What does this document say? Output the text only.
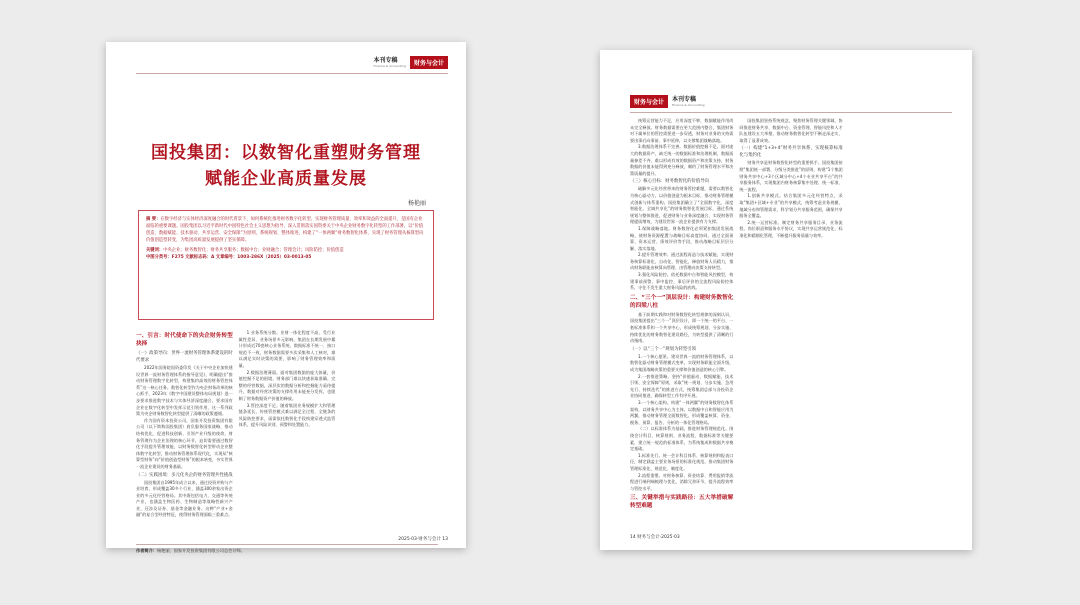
本刊专稿
Finance & Accounting	财务与会计
国投集团：以数智化重塑财务管理
赋能企业高质量发展
杨艳丽
摘 要：在数字经济与实体经济深度融合的时代背景下，如何系统化推进财务数字化转型，实现财务管理质量、效率和效益的全面提升，是国有企业面临的重要课题。国投集团以习近平新时代中国特色社会主义思想为指导，深入贯彻落实国资委关于中央企业财务数字化转型的工作部署，以“价值创造、数据赋能、技术驱动、共享运营、安全保障”为原则，系统规划、整体推进，构建了“一体两翼”财务数智化体系，实现了财务管理从核算型向价值创造型转变，为集团高质量发展提供了坚实保障。
关键词：中央企业；财务数智化；财务共享服务；数据中台；业财融合；管理会计；风险防控；价值创造
中图分类号：F275 文献标志码：A 文章编号：1003-286X（2025）03-0013-05
一、引言：时代使命下的央企财务转型抉择
（一）政策导向：世界一流财务管理体系建设的时代要求
2022年国务院国资委印发《关于中央企业加快建设世界一流财务管理体系的指导意见》，明确提出“推动财务管理数字化转型，构建集约高效的财务管控体系”这一核心任务。数智化转型作为央企财务改革的核心抓手，2023年《数字中国建设整体布局规划》进一步要求推进数字技术与实体经济深度融合，要求国有企业在数字化转型中发挥示范引领作用，这一系列政策为央企财务数智化转型提供了清晰的政策遵循。
作为国有资本投资公司，国家开发投资集团有限公司（以下简称国投集团）肩负服务国家战略、推动结构优化、促进科技创新、引领产业升级的使命，财务管理作为企业治理的核心环节，迫切需要通过数智化手段提升管理效能，以财务数智化转型带动企业整体数字化转型，推动财务管理体系现代化，实现从“核算型财务”向“价值创造型财务”的根本转变，夯实世界一流企业建设的财务基础。
（二）实践困境：多元化央企的财务管理共性挑战
国投集团自1995年成立以来，通过投资并购与产业培育，形成覆盖30多个行业、涵盖300余家出资企业的多元化经营格局。其中既包括电力、交通等传统产业，也涵盖生物医药、生物制造等战略性新兴产业，还涉及证券、基金等金融业务。这种“产业+金融”的复合型经营特征，使得财务管理面临三重难点。
1.业务系统分散。业财一体化程度不高，受行业属性差异、业务场景多元影响，集团在长期发展中累计形成近70套核心业务系统，数据标准不统一、接口规范不一致，财务数据需要多次采集和人工核对，难以满足实时决策的需要，影响了财务管理效率和质量。
2.数据治理薄弱。面对集团数据的庞大体量，价值挖掘不足的困境，财务部门难以快速获取准确、完整的经营数据，深层次的数据分析和挖掘能力亟待提升，数据对经营决策的支撑作用未能充分发挥，也限制了财务数据资产价值的释放。
3.管控深度不足。随着集团业务规模扩大和管理链条延长，传统管控模式难以满足全过程、全链条的风险防控要求，亟需依托数智化手段构建穿透式监管体系，提升风险识别、预警和处置能力。
作者简介：杨艳丽，国家开发投资集团有限公司总会计师。
2025·03·财务与会计 13
财务与会计	本刊专稿
Finance & Accounting
统筹运营能力不足，应用深度不够，数据赋能作用尚未完全释放。财务数据需要在更大范围内整合，集团财务对下属单位的管控需要进一步穿透，财务对业务的支持需要由事后向事前、事中延伸，以支撑集团战略落地。
3.数据治理体系不完善。数据价值挖掘不足。面对庞大的数据资产，缺乏统一的数据标准和治理机制，数据质量参差不齐，难以形成有效的数据资产和决策支持，财务数据的价值未能得到充分释放，制约了财务管理水平和决策质量的提升。
（三）核心目标：财务数智化的价值导向
破解多元化经营带来的财务管控难题，需要以数智化为核心驱动力，以价值创造为根本目标，推动财务管理模式创新与体系重构。国投集团确立了“全面数字化、深度智能化、全域共享化”的财务数智化发展目标，通过系统规划与整体推进，促进财务与业务深度融合，实现财务管理提质增效，为建设世界一流企业提供有力支撑。
1.保障战略落地。财务数智化必须紧扣集团发展战略，使财务资源配置与战略目标高度协同，通过全面预算、资本运营、绩效评价等手段，推动战略目标层层分解、落实落地。
2.提升管理效率。通过流程再造与技术赋能，实现财务核算标准化、自动化、智能化，释放财务人员精力，推动财务职能由核算向管理、由管理向决策支持转型。
3.强化风险防控。依托数据中台和智能风控模型，构建事前预警、事中监控、事后评价的全流程风险防控体系，守住不发生重大财务风险的底线。
二、“三个一”顶层设计：构建财务数智化的四梁八柱
基于前期实践和对财务数智化转型规律的深刻认识，国投集团提出“三个一”顶层设计，即一个统一的平台、一套标准体系和一个共享中心，形成统筹规划、分步实施、持续优化的财务数智化建设路径，为转型提供了清晰的行动指南。
（一）以“三个一”规划为转型引领
1.一个核心愿景。建设世界一流的财务管理体系，以数智化驱动财务管理模式变革，实现财务职能全面升级，成为集团战略决策的重要支撑和价值创造的核心引擎。
2.一套推进策略。坚持“价值驱动、数据赋能、技术引领、安全保障”原则，采取“统一规划、分步实施、急用先行、持续迭代”的推进方式，统筹集团总部与各投资企业协同推进，确保转型工作有序开展。
3.一个核心架构。构建“一体两翼”的财务数智化体系架构，以财务共享中心为主体，以数据中台和智能应用为两翼，推动财务管理全面数智化，形成覆盖核算、资金、税务、预算、报告、分析的一体化管理格局。
（二）以标准体系为基础，推进财务管理规范化。围绕会计科目、核算规则、业务流程、数据标准等关键要素，建立统一规范的标准体系，为系统集成和数据共享奠定基础。
1.标准先行。统一会计科目体系、核算规则和报表口径，制定涵盖主要业务场景的标准化规范，推动集团财务管理标准化、规范化、制度化。
2.流程重塑。对财务核算、资金结算、费用报销等流程进行端到端梳理与优化，消除冗余环节，提升流程效率与管控水平。
三、关键举措与实践路径：五大举措破解转型难题
国投集团坚持系统观念，聚焦财务管理关键领域，协同推进财务共享、数据中台、资金管理、智能风控和人才队伍建设五大举措，推动财务数智化转型不断走深走实，取得了显著成效。
（一）构建“1+3+4”财务共享体系，实现核算标准化与集约化
财务共享是财务数智化转型的重要抓手。国投集团按照“集团统一部署、分级分类推进”的原则，构建“1个集团财务共享中心+3个区域分中心+4个专业共享平台”的共享服务体系，实现集团内财务核算集中处理、统一标准、统一流程。
1.创新共享模式。结合集团多元化经营特点，采取“集团+区域+专业”的共享模式，统筹考虑业务规模、地域分布和管理需求，科学划分共享服务范围，确保共享服务全覆盖。
2.统一运营标准。制定财务共享服务目录、业务流程、岗位职责和服务水平协议，实现共享运营规范化、标准化和精细化管理，不断提升服务质量与效率。
14 财务与会计·2025·03
